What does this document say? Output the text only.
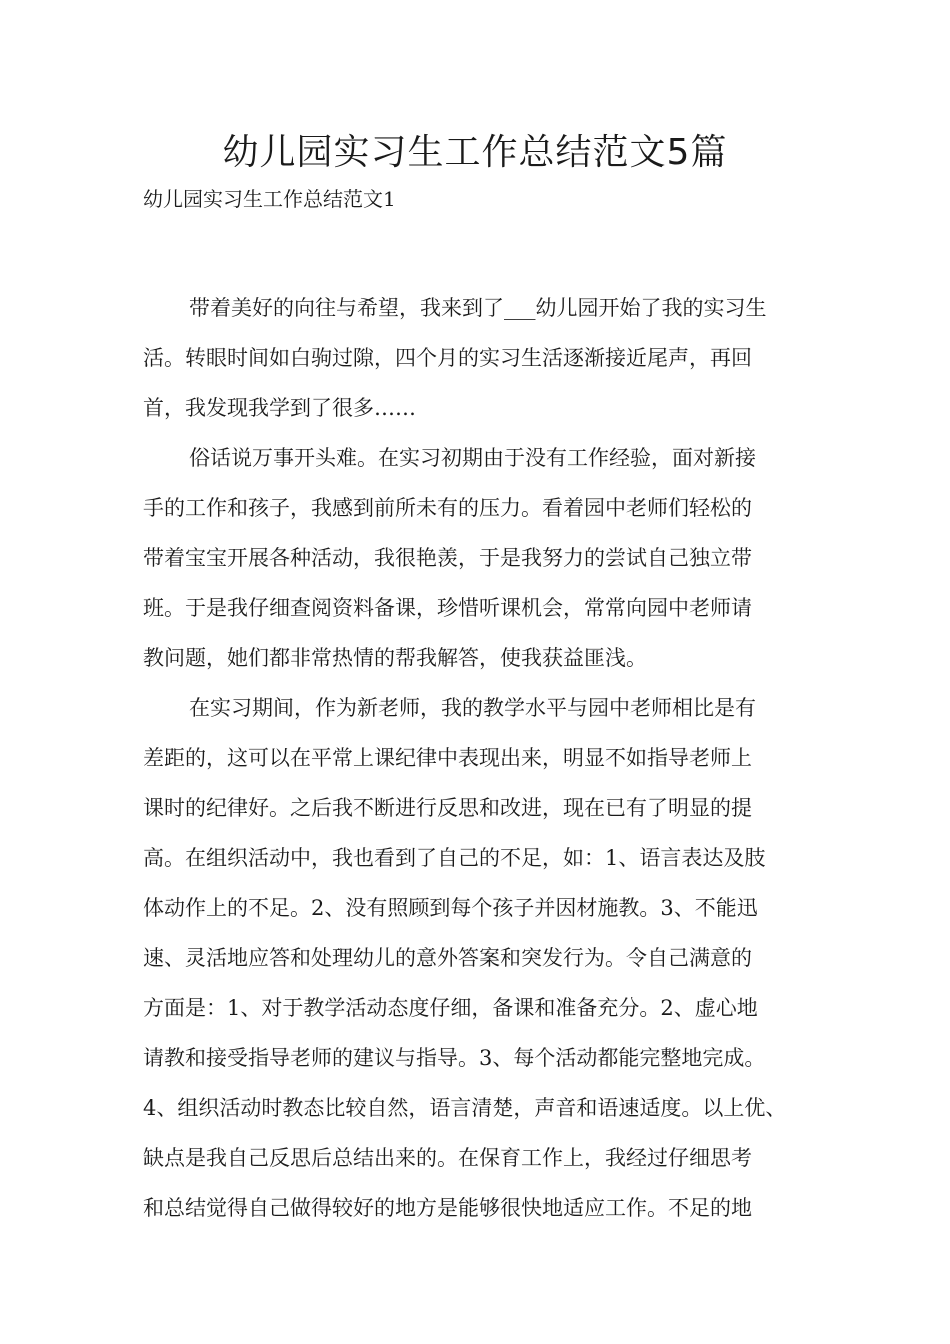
幼儿园实习生工作总结范文5篇

幼儿园实习生工作总结范文1

带着美好的向往与希望，我来到了___幼儿园开始了我的实习生
活。转眼时间如白驹过隙，四个月的实习生活逐渐接近尾声，再回
首，我发现我学到了很多……
俗话说万事开头难。在实习初期由于没有工作经验，面对新接
手的工作和孩子，我感到前所未有的压力。看着园中老师们轻松的
带着宝宝开展各种活动，我很艳羡，于是我努力的尝试自己独立带
班。于是我仔细查阅资料备课，珍惜听课机会，常常向园中老师请
教问题，她们都非常热情的帮我解答，使我获益匪浅。
在实习期间，作为新老师，我的教学水平与园中老师相比是有
差距的，这可以在平常上课纪律中表现出来，明显不如指导老师上
课时的纪律好。之后我不断进行反思和改进，现在已有了明显的提
高。在组织活动中，我也看到了自己的不足，如：1、语言表达及肢
体动作上的不足。2、没有照顾到每个孩子并因材施教。3、不能迅
速、灵活地应答和处理幼儿的意外答案和突发行为。令自己满意的
方面是：1、对于教学活动态度仔细，备课和准备充分。2、虚心地
请教和接受指导老师的建议与指导。3、每个活动都能完整地完成。
4、组织活动时教态比较自然，语言清楚，声音和语速适度。以上优、
缺点是我自己反思后总结出来的。在保育工作上，我经过仔细思考
和总结觉得自己做得较好的地方是能够很快地适应工作。不足的地
